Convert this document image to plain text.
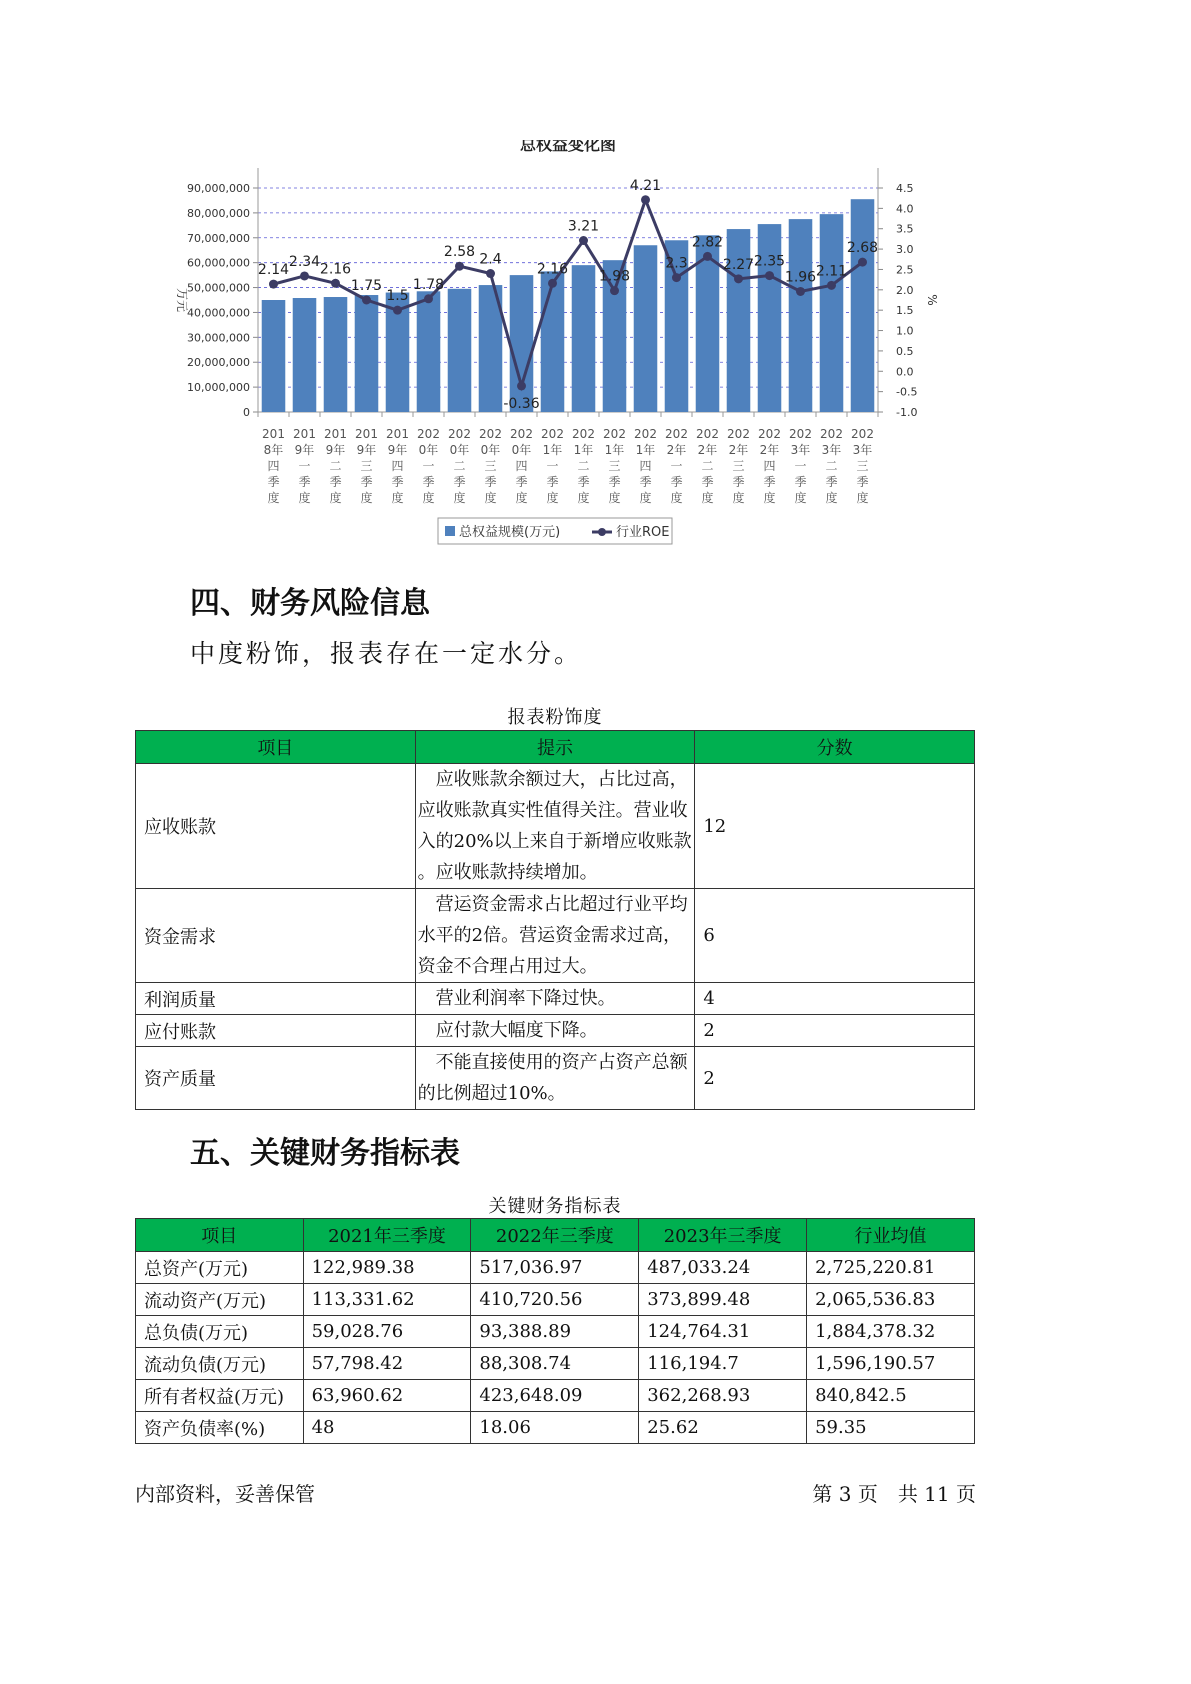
总权益变化图
0
10,000,000
20,000,000
30,000,000
40,000,000
50,000,000
60,000,000
70,000,000
80,000,000
90,000,000
-1.0
-0.5
0.0
0.5
1.0
1.5
2.0
2.5
3.0
3.5
4.0
4.5
万元	%
201
8年
四
季
度
201
9年
一
季
度
201
9年
二
季
度
201
9年
三
季
度
201
9年
四
季
度
202
0年
一
季
度
202
0年
二
季
度
202
0年
三
季
度
202
0年
四
季
度
202
1年
一
季
度
202
1年
二
季
度
202
1年
三
季
度
202
1年
四
季
度
202
2年
一
季
度
202
2年
二
季
度
202
2年
三
季
度
202
2年
四
季
度
202
3年
一
季
度
202
3年
二
季
度
202
3年
三
季
度
2.14
2.34 2.16
1.75
1.5
1.78
2.58 2.4
-0.36
2.16
3.21
1.98
4.21
2.3
2.82
2.27 2.35
1.96 2.11
2.68
总权益规模(万元)	行业ROE
四、财务风险信息
中度粉饰，报表存在一定水分。
报表粉饰度
项目	提示	分数
应收账款	　应收账款余额过大，占比过高，
应收账款真实性值得关注。营业收
入的20%以上来自于新增应收账款
。应收账款持续增加。	12
资金需求	　营运资金需求占比超过行业平均
水平的2倍。营运资金需求过高，
资金不合理占用过大。	6
利润质量	　营业利润率下降过快。	4
应付账款	　应付款大幅度下降。	2
资产质量	　不能直接使用的资产占资产总额
的比例超过10%。	2
五、关键财务指标表
关键财务指标表
项目	2021年三季度	2022年三季度	2023年三季度	行业均值
总资产(万元)	122,989.38	517,036.97	487,033.24	2,725,220.81
流动资产(万元)	113,331.62	410,720.56	373,899.48	2,065,536.83
总负债(万元)	59,028.76	93,388.89	124,764.31	1,884,378.32
流动负债(万元)	57,798.42	88,308.74	116,194.7	1,596,190.57
所有者权益(万元)	63,960.62	423,648.09	362,268.93	840,842.5
资产负债率(%)	48	18.06	25.62	59.35
内部资料，妥善保管	第 3 页　共 11 页
